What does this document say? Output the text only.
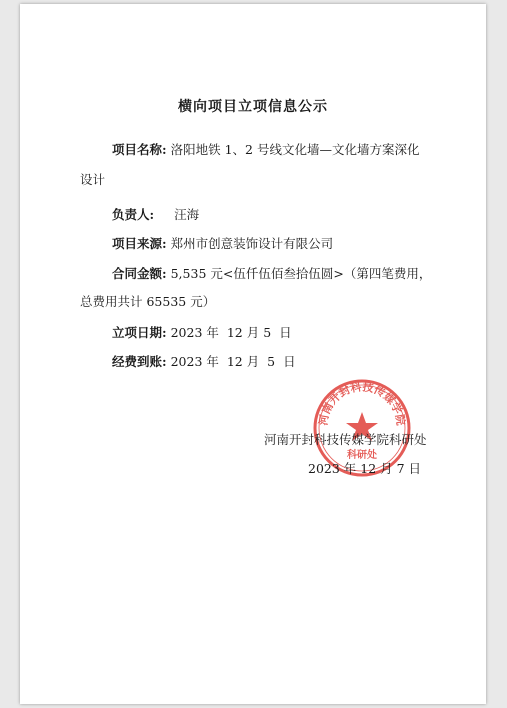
横向项目立项信息公示
项目名称: 洛阳地铁 1、2 号线文化墙—文化墙方案深化
设计
负责人: 汪海
项目来源: 郑州市创意装饰设计有限公司
合同金额: 5,535 元<伍仟伍佰叁拾伍圆>（第四笔费用，
总费用共计 65535 元）
立项日期: 2023 年  12 月 5  日
经费到账: 2023 年  12 月  5  日
河南开封科技传媒学院
科研处
河南开封科技传媒学院科研处
2023 年 12 月 7 日
